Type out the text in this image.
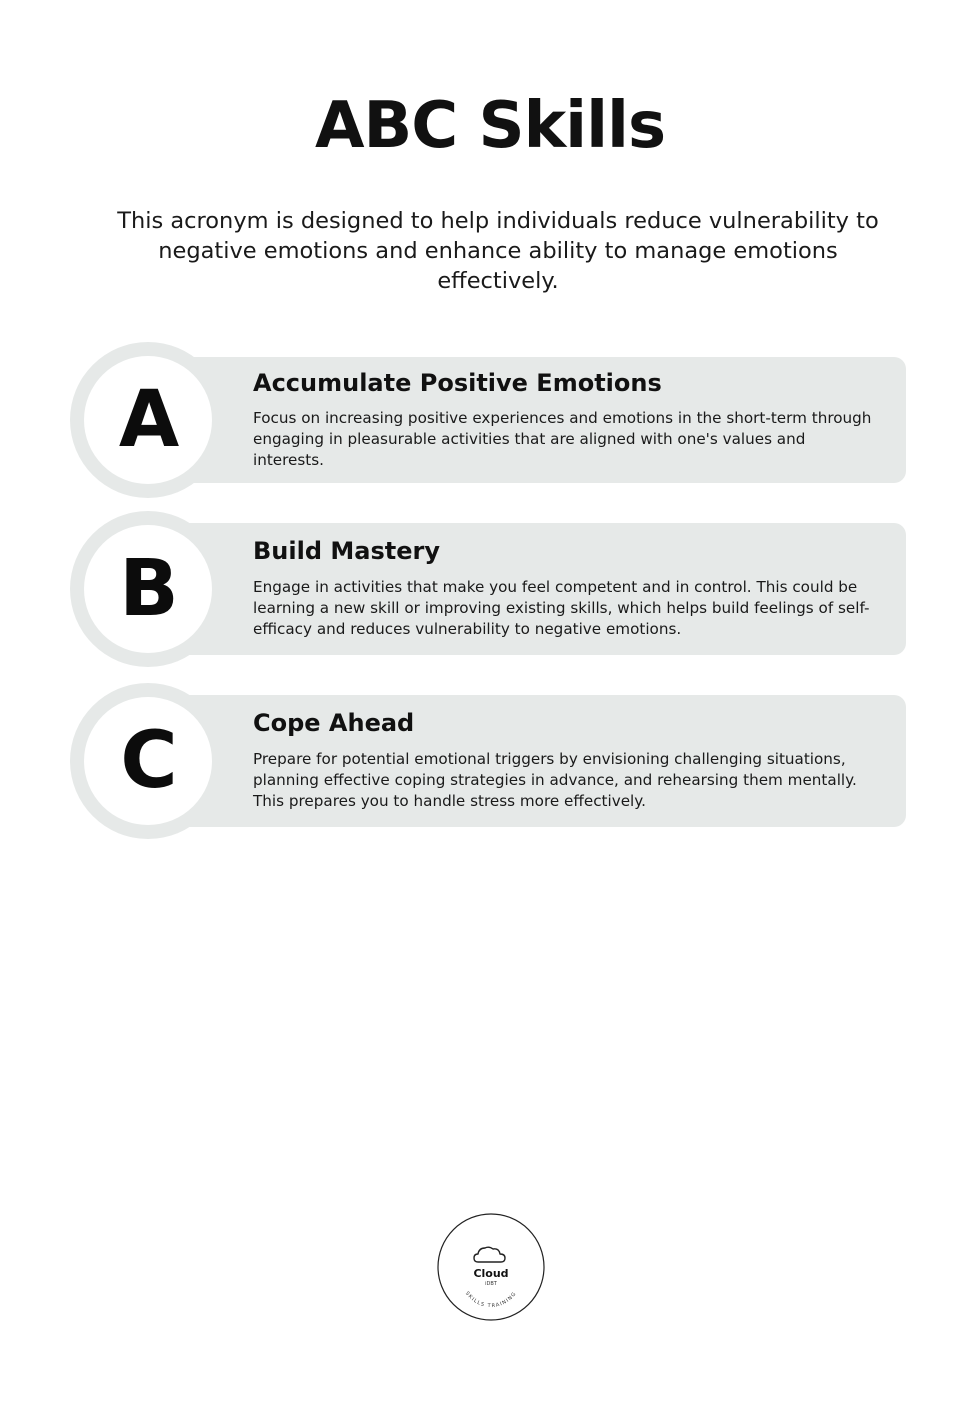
ABC Skills

This acronym is designed to help individuals reduce vulnerability to negative emotions and enhance ability to manage emotions effectively.

A	Accumulate Positive Emotions

Focus on increasing positive experiences and emotions in the short-term through engaging in pleasurable activities that are aligned with one's values and interests.

B	Build Mastery

Engage in activities that make you feel competent and in control. This could be learning a new skill or improving existing skills, which helps build feelings of self-efficacy and reduces vulnerability to negative emotions.

C	Cope Ahead

Prepare for potential emotional triggers by envisioning challenging situations, planning effective coping strategies in advance, and rehearsing them mentally. This prepares you to handle stress more effectively.

Cloud
iDBT
SKILLS TRAINING
